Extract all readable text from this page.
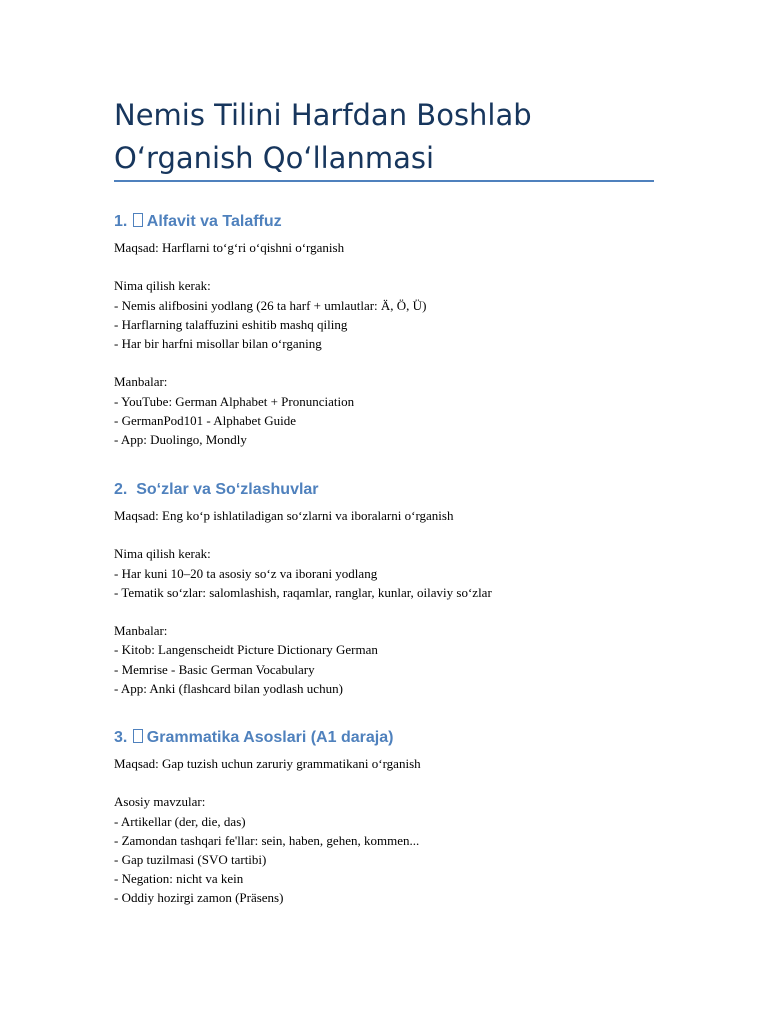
Nemis Tilini Harfdan Boshlab O‘rganish Qo‘llanmasi
1. Alfavit va Talaffuz
Maqsad: Harflarni to‘g‘ri o‘qishni o‘rganish
Nima qilish kerak:
- Nemis alifbosini yodlang (26 ta harf + umlautlar: Ä, Ö, Ü)
- Harflarning talaffuzini eshitib mashq qiling
- Har bir harfni misollar bilan o‘rganing
Manbalar:
- YouTube: German Alphabet + Pronunciation
- GermanPod101 - Alphabet Guide
- App: Duolingo, Mondly
2. So‘zlar va So‘zlashuvlar
Maqsad: Eng ko‘p ishlatiladigan so‘zlarni va iboralarni o‘rganish
Nima qilish kerak:
- Har kuni 10–20 ta asosiy so‘z va iborani yodlang
- Tematik so‘zlar: salomlashish, raqamlar, ranglar, kunlar, oilaviy so‘zlar
Manbalar:
- Kitob: Langenscheidt Picture Dictionary German
- Memrise - Basic German Vocabulary
- App: Anki (flashcard bilan yodlash uchun)
3. Grammatika Asoslari (A1 daraja)
Maqsad: Gap tuzish uchun zaruriy grammatikani o‘rganish
Asosiy mavzular:
- Artikellar (der, die, das)
- Zamondan tashqari fe'llar: sein, haben, gehen, kommen...
- Gap tuzilmasi (SVO tartibi)
- Negation: nicht va kein
- Oddiy hozirgi zamon (Präsens)
